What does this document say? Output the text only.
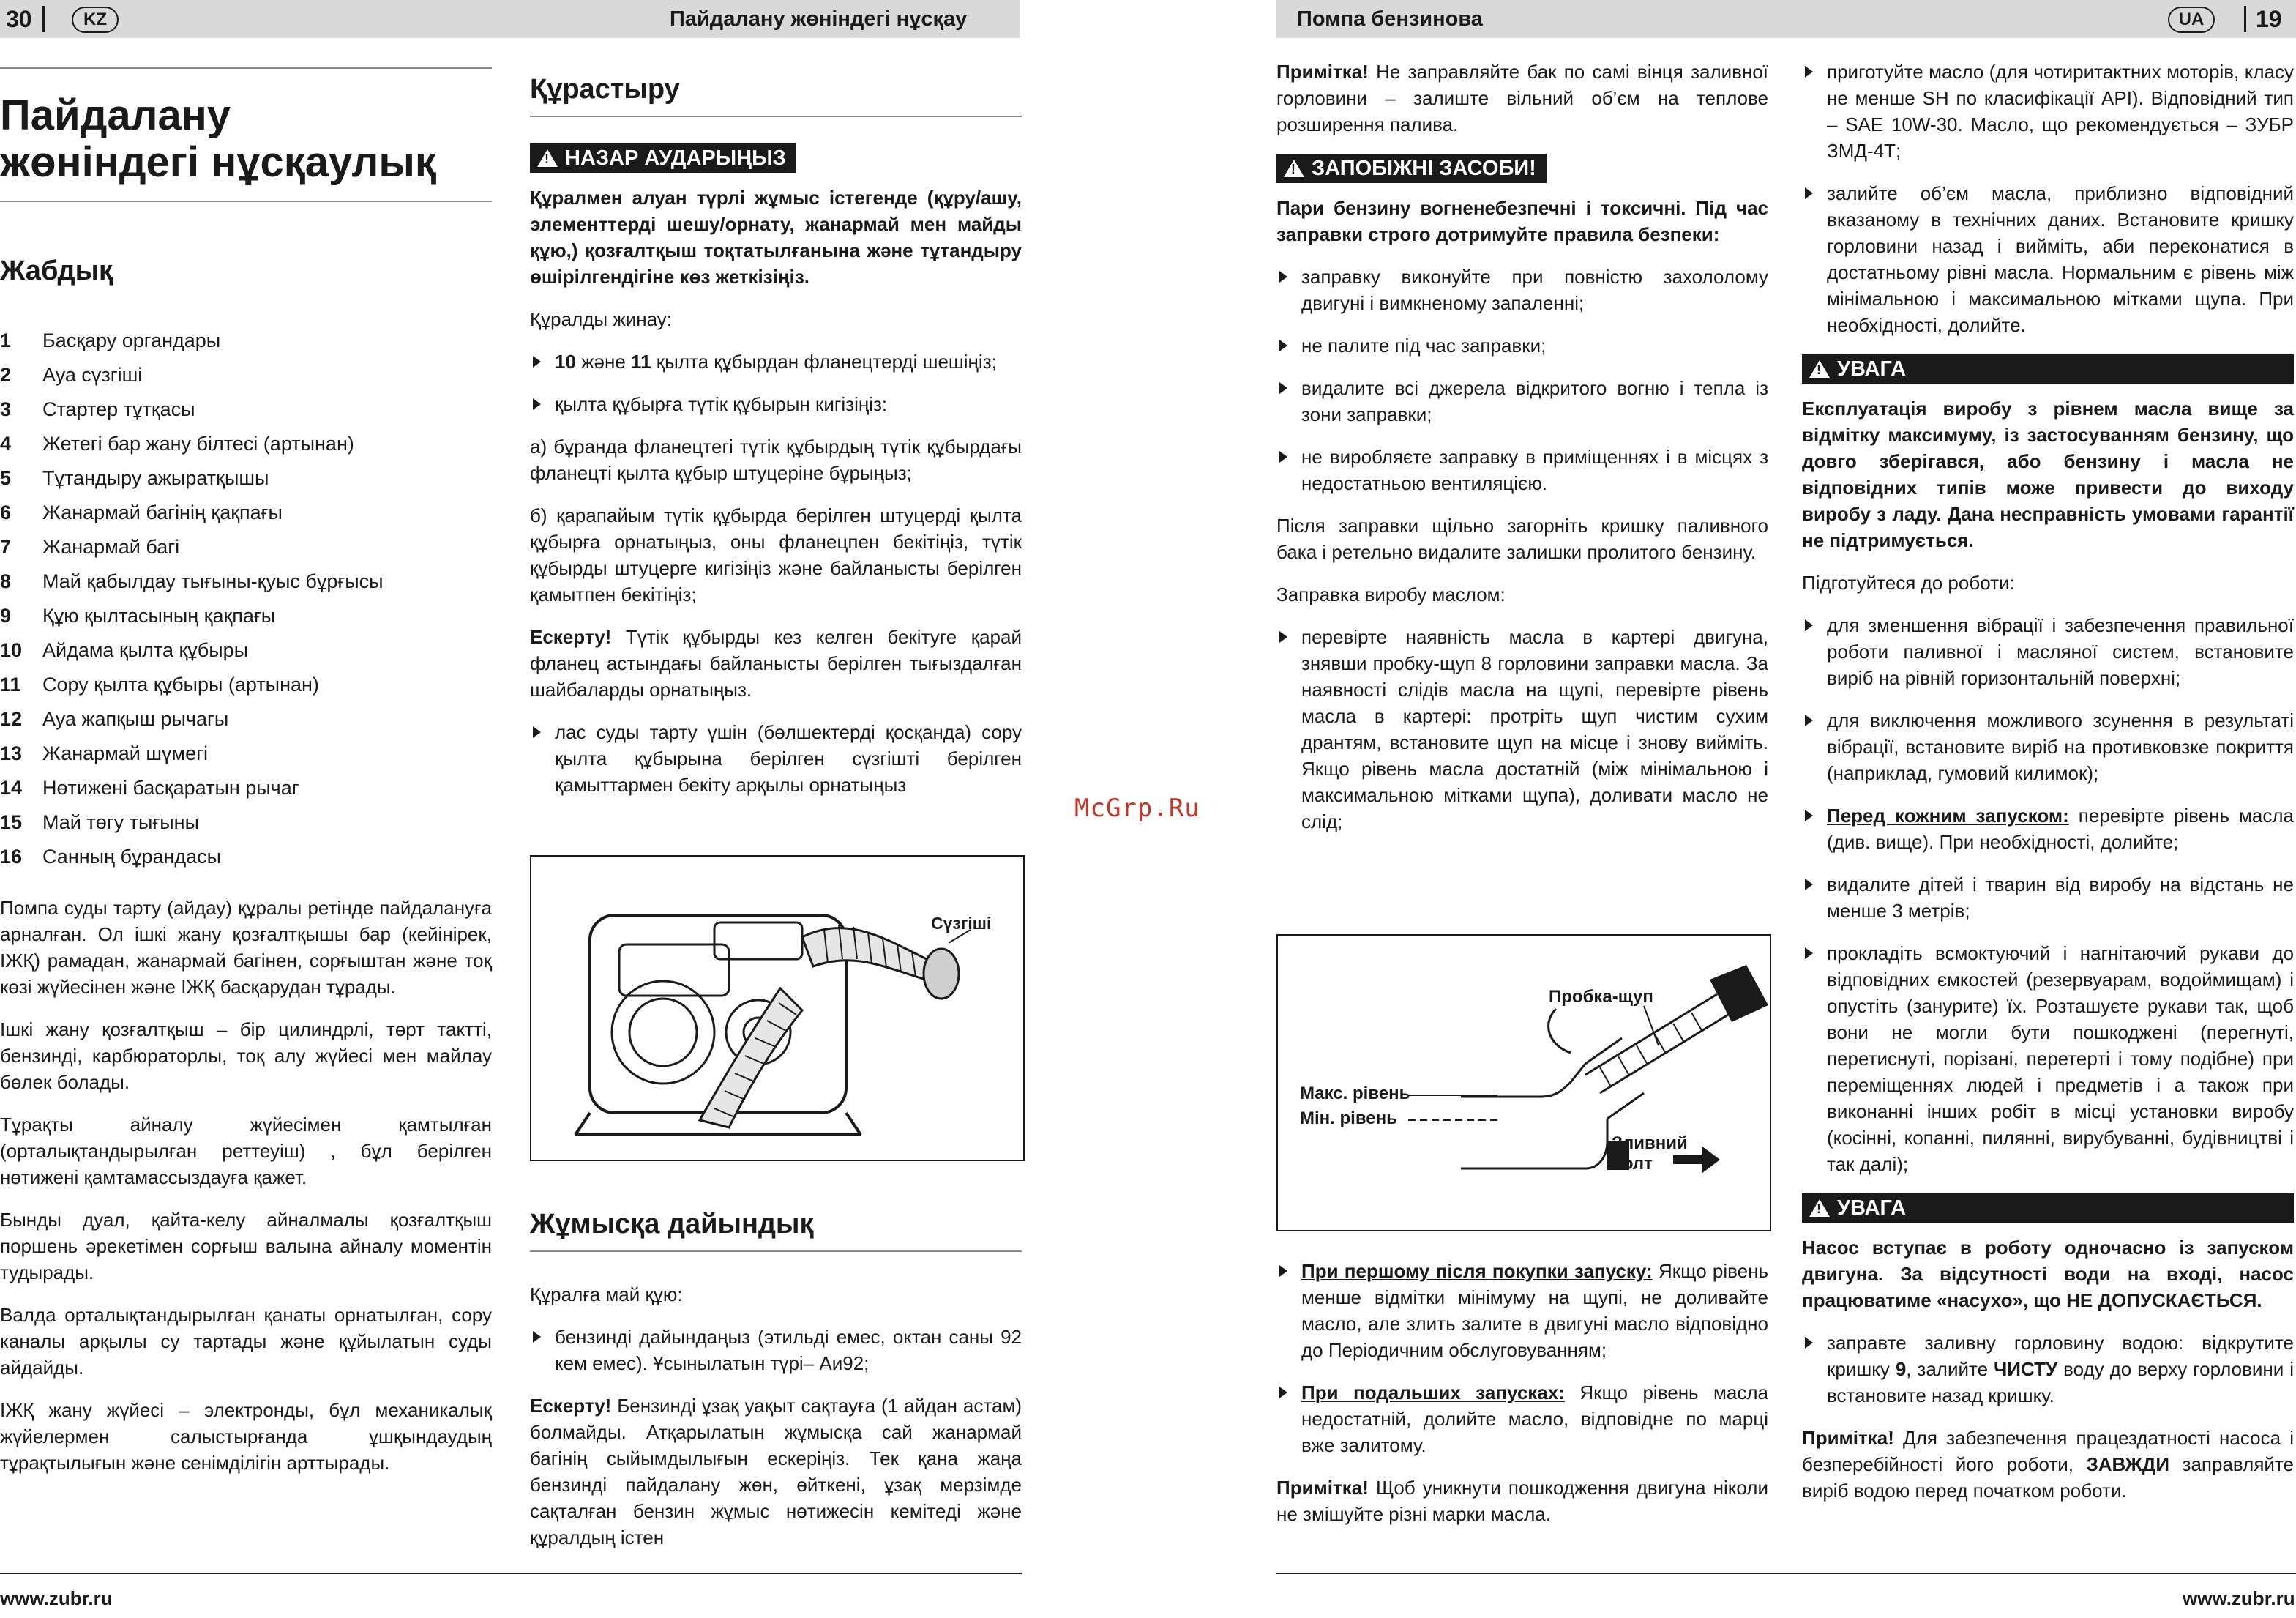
30	KZ	Пайдалану жөніндегі нұсқау	Помпа бензинова	UA	19
Пайдалану
жөніндегі нұсқаулық
Жабдық
1	Басқару органдары
2	Ауа сүзгіші
3	Стартер тұтқасы
4	Жетегі бар жану білтесі (артынан)
5	Тұтандыру ажыратқышы
6	Жанармай багінің қақпағы
7	Жанармай багі
8	Май қабылдау тығыны-қуыс бұрғысы
9	Құю қылтасының қақпағы
10	Айдама қылта құбыры
11	Сору қылта құбыры (артынан)
12	Ауа жапқыш рычагы
13	Жанармай шүмегі
14	Нөтижені басқаратын рычаг
15	Май төгу тығыны
16	Санның бұрандасы

Помпа суды тарту (айдау) құралы ретінде пайдалануға арналған. Ол ішкі жану қозғалтқышы бар (кейінірек, ІЖҚ) рамадан, жанармай багінен, сорғыштан және тоқ көзі жүйесінен және ІЖҚ басқарудан тұрады.

Ішкі жану қозғалтқыш – бір цилиндрлі, төрт тактті, бензинді, карбюраторлы, тоқ алу жүйесі мен майлау бөлек болады.

Тұрақты айналу жүйесімен қамтылған (орталықтандырылған реттеуіш) , бұл берілген нөтижені қамтамассыздауға қажет.

Бынды дуал, қайта-келу айналмалы қозғалтқыш поршень әрекетімен сорғыш валына айналу моментін тудырады.

Валда орталықтандырылған қанаты орнатылған, сору каналы арқылы су тартады және құйылатын суды айдайды.

ІЖҚ жану жүйесі – электронды, бұл механикалық жүйелермен салыстырғанда ұшқындаудың тұрақтылығын және сенімділігін арттырады.

Құрастыру
!НАЗАР АУДАРЫҢЫЗ

Құралмен алуан түрлі жұмыс істегенде (құру/ашу, элементтерді шешу/орнату, жанармай мен майды құю,) қозғалтқыш тоқтатылғанына және тұтандыру өшірілгендігіне көз жеткізіңіз.

Құралды жинау:

10 және 11 қылта құбырдан фланецтерді шешіңіз;
қылта құбырға түтік құбырын кигізіңіз:

а) бұранда фланецтегі түтік құбырдың түтік құбырдағы фланецті қылта құбыр штуцеріне бұрыңыз;

б) қарапайым түтік құбырда берілген штуцерді қылта құбырға орнатыңыз, оны фланецпен бекітіңіз, түтік құбырды штуцерге кигізіңіз және байланысты берілген қамытпен бекітіңіз;

Ескерту! Түтік құбырды кез келген бекітуге қарай фланец астындағы байланысты берілген тығыздалған шайбаларды орнатыңыз.

лас суды тарту үшін (бөлшектерді қосқанда) сору қылта құбырына берілген сүзгішті берілген қамыттармен бекіту арқылы орнатыңыз
Сүзгіші
Жұмысқа дайындық

Құралға май құю:

бензинді дайындаңыз (этильді емес, октан саны 92 кем емес). Ұсынылатын түрі– Аи92;

Ескерту! Бензинді ұзақ уақыт сақтауға (1 айдан астам) болмайды. Атқарылатын жұмысқа сай жанармай багінің сыйымдылығын ескеріңіз. Тек қана жаңа бензинді пайдалану жөн, өйткені, ұзақ мерзімде сақталған бензин жұмыс нөтижесін кемітеді және құралдың істен

www.zubr.ru
McGrp.Ru

Примітка! Не заправляйте бак по самі вінця заливної горловини – залиште вільний об’єм на теплове розширення палива.

!ЗАПОБІЖНІ ЗАСОБИ!

Пари бензину вогненебезпечні і токсичні. Під час заправки строго дотримуйте правила безпеки:

заправку виконуйте при повністю захололому двигуні і вимкненому запаленні;
не палите під час заправки;
видалите всі джерела відкритого вогню і тепла із зони заправки;
не виробляєте заправку в приміщеннях і в місцях з недостатньою вентиляцією.

Після заправки щільно загорніть кришку паливного бака і ретельно видалите залишки пролитого бензину.

Заправка виробу маслом:

перевірте наявність масла в картері двигуна, знявши пробку-щуп 8 горловини заправки масла. За наявності слідів масла на щупі, перевірте рівень масла в картері: протріть щуп чистим сухим дрантям, встановите щуп на місце і знову вийміть. Якщо рівень масла достатній (між мінімальною і максимальною мітками щупа), доливати масло не слід;
Пробка-щуп
Макс. рівень
Мін. рівень
Зливний
болт
При першому після покупки запуску: Якщо рівень менше відмітки мінімуму на щупі, не доливайте масло, але злить залите в двигуні масло відповідно до Періодичним обслуговуванням;
При подальших запусках: Якщо рівень масла недостатній, долийте масло, відповідне по марці вже залитому.

Примітка! Щоб уникнути пошкодження двигуна ніколи не змішуйте різні марки масла.

приготуйте масло (для чотиритактних моторів, класу не менше SH по класифікації API). Відповідний тип – SAE 10W-30. Масло, що рекомендується – ЗУБР ЗМД-4Т;
залийте об’єм масла, приблизно відповідний вказаному в технічних даних. Встановите кришку горловини назад і вийміть, аби переконатися в достатньому рівні масла. Нормальним є рівень між мінімальною і максимальною мітками щупа. При необхідності, долийте.
!УВАГА

Експлуатація виробу з рівнем масла вище за відмітку максимуму, із застосуванням бензину, що довго зберігався, або бензину і масла не відповідних типів може привести до виходу виробу з ладу. Дана несправність умовами гарантії не підтримується.

Підготуйтеся до роботи:

для зменшення вібрації і забезпечення правильної роботи паливної і масляної систем, встановите виріб на рівній горизонтальній поверхні;
для виключення можливого зсунення в результаті вібрації, встановите виріб на противковзке покриття (наприклад, гумовий килимок);
Перед кожним запуском: перевірте рівень масла (див. вище). При необхідності, долийте;
видалите дітей і тварин від виробу на відстань не менше 3 метрів;
прокладіть всмоктуючий і нагнітаючий рукави до відповідних ємкостей (резервуарам, водоймищам) і опустіть (занурите) їх. Розташуєте рукави так, щоб вони не могли бути пошкоджені (перегнуті, перетиснуті, порізані, перетерті і тому подібне) при переміщеннях людей і предметів і а також при виконанні інших робіт в місці установки виробу (косінні, копанні, пилянні, вирубуванні, будівництві і так далі);
!УВАГА

Насос вступає в роботу одночасно із запуском двигуна. За відсутності води на вході, насос працюватиме «насухо», що НЕ ДОПУСКАЄТЬСЯ.

заправте заливну горловину водою: відкрутите кришку 9, залийте ЧИСТУ воду до верху горловини і встановите назад кришку.

Примітка! Для забезпечення працездатності насоса і безперебійності його роботи, ЗАВЖДИ заправляйте виріб водою перед початком роботи.

www.zubr.ru
